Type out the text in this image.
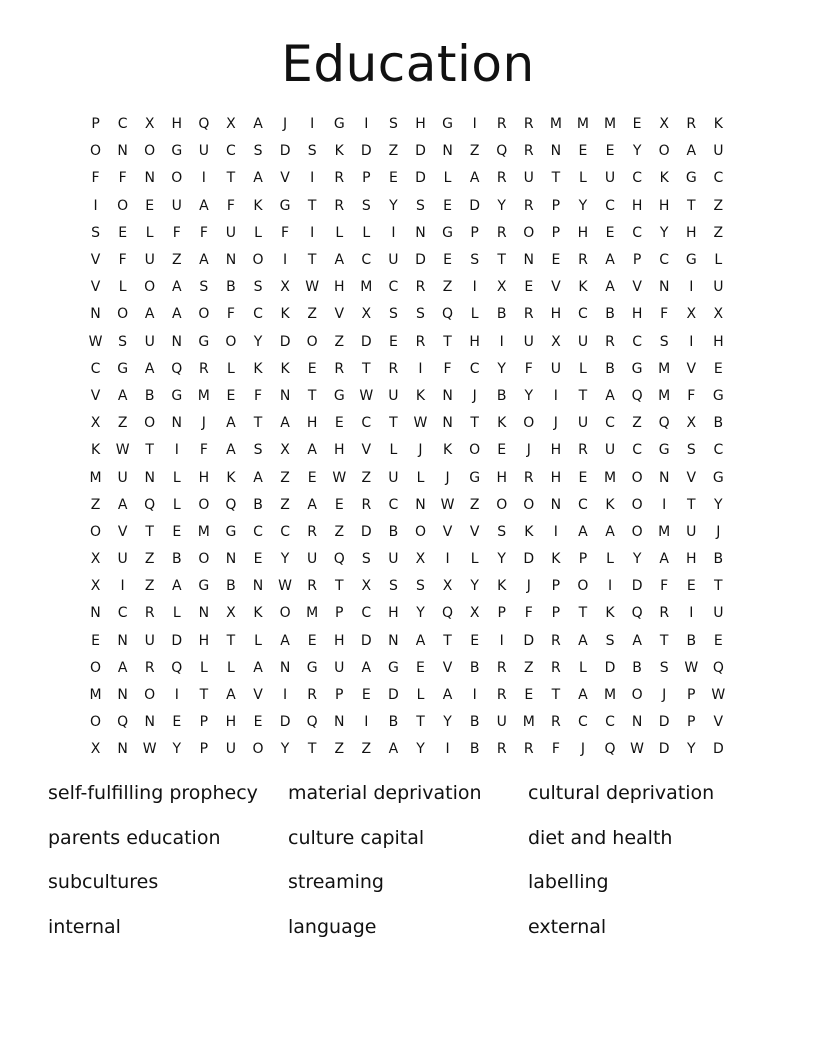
Education
P	C	X	H	Q	X	A	J	I	G	I	S	H	G	I	R	R	M	M	M	E	X	R	K
O	N	O	G	U	C	S	D	S	K	D	Z	D	N	Z	Q	R	N	E	E	Y	O	A	U
F	F	N	O	I	T	A	V	I	R	P	E	D	L	A	R	U	T	L	U	C	K	G	C
I	O	E	U	A	F	K	G	T	R	S	Y	S	E	D	Y	R	P	Y	C	H	H	T	Z
S	E	L	F	F	U	L	F	I	L	L	I	N	G	P	R	O	P	H	E	C	Y	H	Z
V	F	U	Z	A	N	O	I	T	A	C	U	D	E	S	T	N	E	R	A	P	C	G	L
V	L	O	A	S	B	S	X	W	H	M	C	R	Z	I	X	E	V	K	A	V	N	I	U
N	O	A	A	O	F	C	K	Z	V	X	S	S	Q	L	B	R	H	C	B	H	F	X	X
W	S	U	N	G	O	Y	D	O	Z	D	E	R	T	H	I	U	X	U	R	C	S	I	H
C	G	A	Q	R	L	K	K	E	R	T	R	I	F	C	Y	F	U	L	B	G	M	V	E
V	A	B	G	M	E	F	N	T	G	W	U	K	N	J	B	Y	I	T	A	Q	M	F	G
X	Z	O	N	J	A	T	A	H	E	C	T	W	N	T	K	O	J	U	C	Z	Q	X	B
K	W	T	I	F	A	S	X	A	H	V	L	J	K	O	E	J	H	R	U	C	G	S	C
M	U	N	L	H	K	A	Z	E	W	Z	U	L	J	G	H	R	H	E	M	O	N	V	G
Z	A	Q	L	O	Q	B	Z	A	E	R	C	N	W	Z	O	O	N	C	K	O	I	T	Y
O	V	T	E	M	G	C	C	R	Z	D	B	O	V	V	S	K	I	A	A	O	M	U	J
X	U	Z	B	O	N	E	Y	U	Q	S	U	X	I	L	Y	D	K	P	L	Y	A	H	B
X	I	Z	A	G	B	N	W	R	T	X	S	S	X	Y	K	J	P	O	I	D	F	E	T
N	C	R	L	N	X	K	O	M	P	C	H	Y	Q	X	P	F	P	T	K	Q	R	I	U
E	N	U	D	H	T	L	A	E	H	D	N	A	T	E	I	D	R	A	S	A	T	B	E
O	A	R	Q	L	L	A	N	G	U	A	G	E	V	B	R	Z	R	L	D	B	S	W	Q
M	N	O	I	T	A	V	I	R	P	E	D	L	A	I	R	E	T	A	M	O	J	P	W
O	Q	N	E	P	H	E	D	Q	N	I	B	T	Y	B	U	M	R	C	C	N	D	P	V
X	N	W	Y	P	U	O	Y	T	Z	Z	A	Y	I	B	R	R	F	J	Q	W	D	Y	D
self-fulfilling prophecy	material deprivation	cultural deprivation
parents education	culture capital	diet and health
subcultures	streaming	labelling
internal	language	external
